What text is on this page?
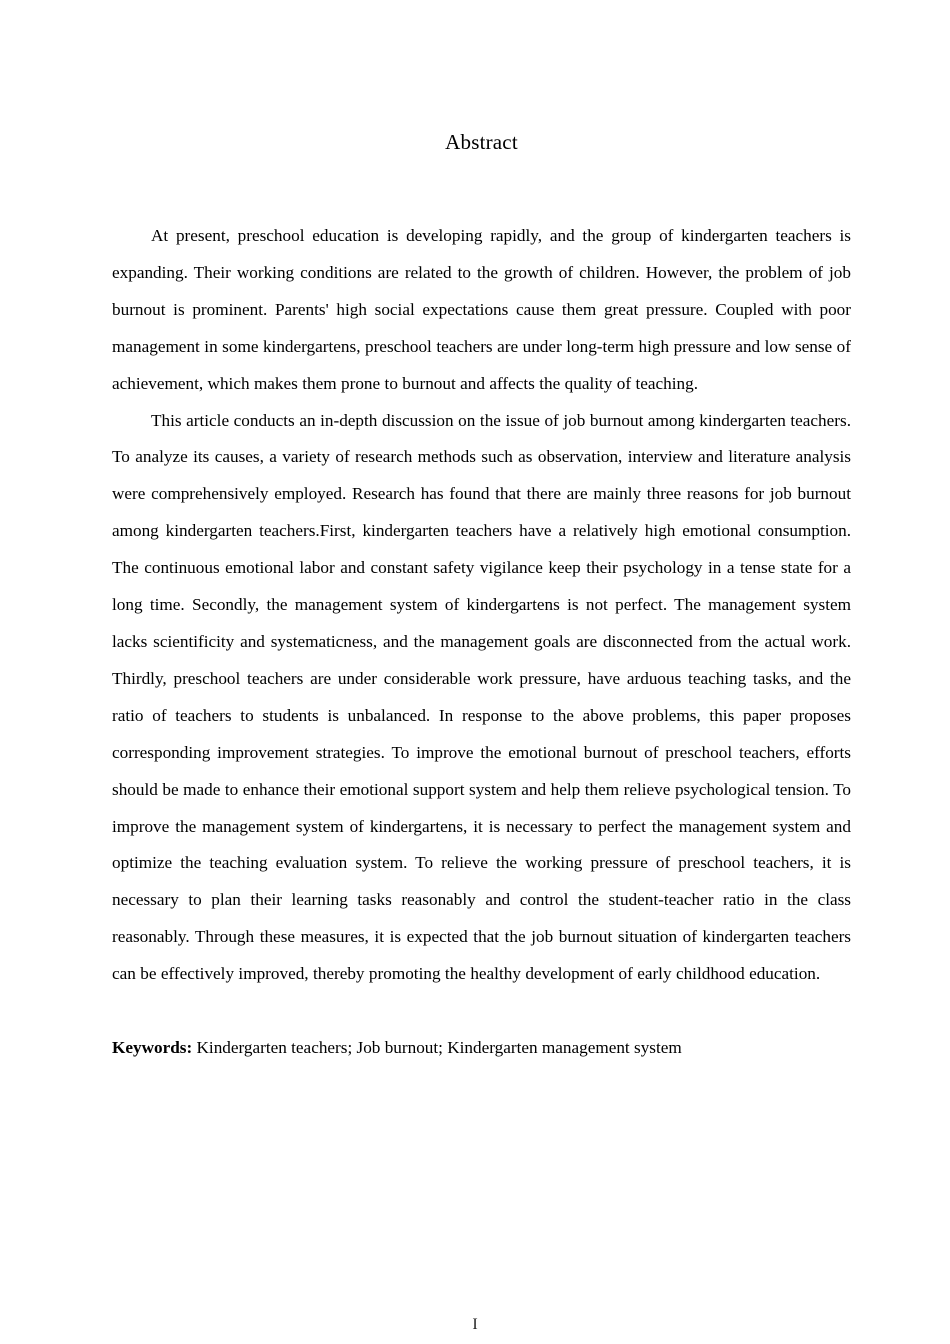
Abstract

At present, preschool education is developing rapidly, and the group of kindergarten teachers is expanding. Their working conditions are related to the growth of children. However, the problem of job burnout is prominent. Parents' high social expectations cause them great pressure. Coupled with poor management in some kindergartens, preschool teachers are under long-term high pressure and low sense of achievement, which makes them prone to burnout and affects the quality of teaching.

This article conducts an in-depth discussion on the issue of job burnout among kindergarten teachers. To analyze its causes, a variety of research methods such as observation, interview and literature analysis were comprehensively employed. Research has found that there are mainly three reasons for job burnout among kindergarten teachers.First, kindergarten teachers have a relatively high emotional consumption. The continuous emotional labor and constant safety vigilance keep their psychology in a tense state for a long time. Secondly, the management system of kindergartens is not perfect. The management system lacks scientificity and systematicness, and the management goals are disconnected from the actual work. Thirdly, preschool teachers are under considerable work pressure, have arduous teaching tasks, and the ratio of teachers to students is unbalanced. In response to the above problems, this paper proposes corresponding improvement strategies. To improve the emotional burnout of preschool teachers, efforts should be made to enhance their emotional support system and help them relieve psychological tension. To improve the management system of kindergartens, it is necessary to perfect the management system and optimize the teaching evaluation system. To relieve the working pressure of preschool teachers, it is necessary to plan their learning tasks reasonably and control the student-teacher ratio in the class reasonably. Through these measures, it is expected that the job burnout situation of kindergarten teachers can be effectively improved, thereby promoting the healthy development of early childhood education.

Keywords: Kindergarten teachers; Job burnout; Kindergarten management system

I
